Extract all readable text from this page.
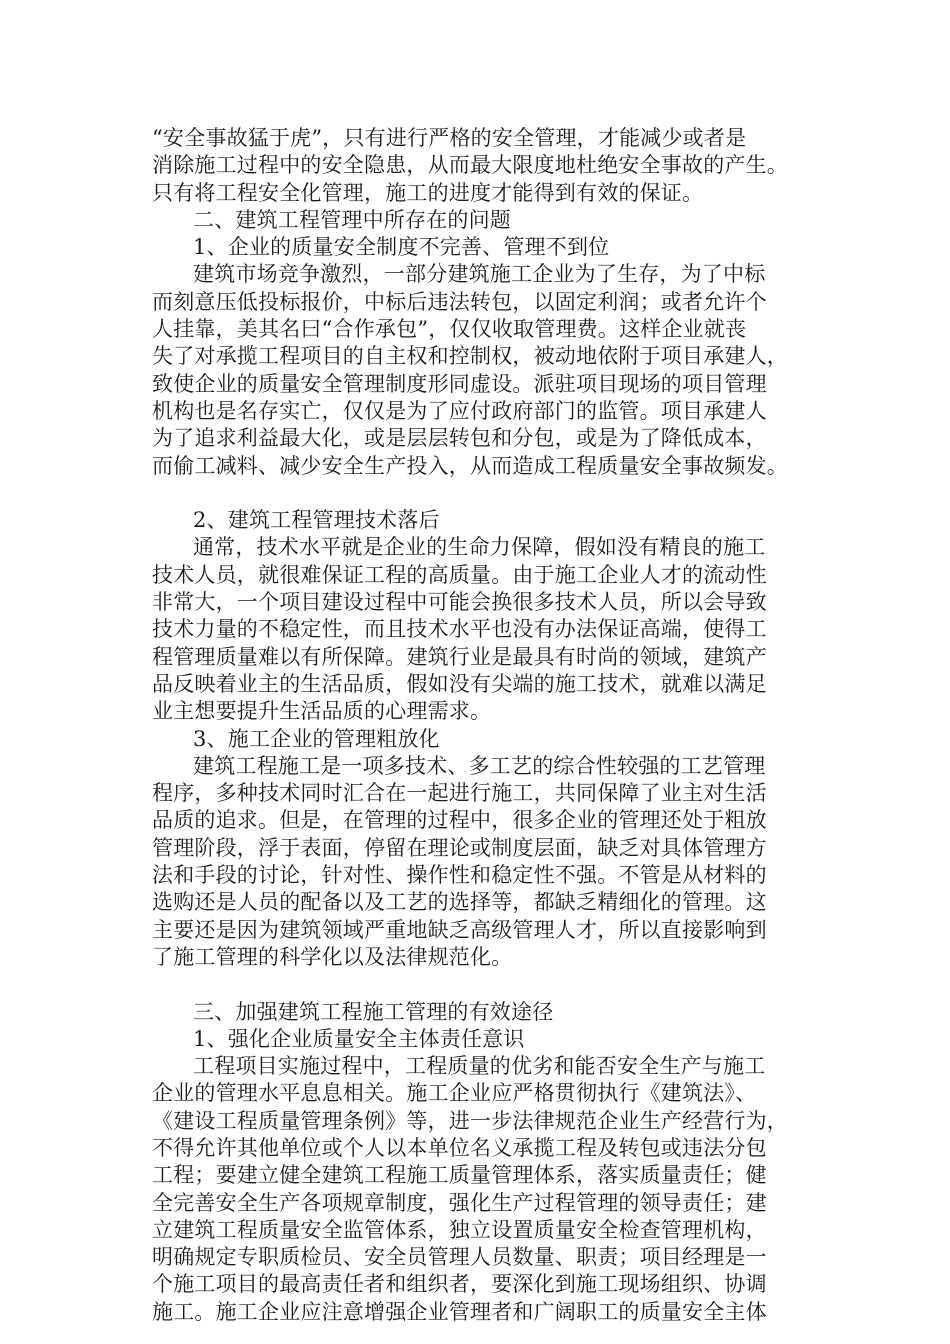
“安全事故猛于虎”，只有进行严格的安全管理，才能减少或者是
消除施工过程中的安全隐患，从而最大限度地杜绝安全事故的产生。
只有将工程安全化管理，施工的进度才能得到有效的保证。
二、建筑工程管理中所存在的问题
1、企业的质量安全制度不完善、管理不到位
建筑市场竞争激烈，一部分建筑施工企业为了生存，为了中标
而刻意压低投标报价，中标后违法转包，以固定利润；或者允许个
人挂靠，美其名曰“合作承包”，仅仅收取管理费。这样企业就丧
失了对承揽工程项目的自主权和控制权，被动地依附于项目承建人，
致使企业的质量安全管理制度形同虚设。派驻项目现场的项目管理
机构也是名存实亡，仅仅是为了应付政府部门的监管。项目承建人
为了追求利益最大化，或是层层转包和分包，或是为了降低成本，
而偷工减料、减少安全生产投入，从而造成工程质量安全事故频发。
2、建筑工程管理技术落后
通常，技术水平就是企业的生命力保障，假如没有精良的施工
技术人员，就很难保证工程的高质量。由于施工企业人才的流动性
非常大，一个项目建设过程中可能会换很多技术人员，所以会导致
技术力量的不稳定性，而且技术水平也没有办法保证高端，使得工
程管理质量难以有所保障。建筑行业是最具有时尚的领域，建筑产
品反映着业主的生活品质，假如没有尖端的施工技术，就难以满足
业主想要提升生活品质的心理需求。
3、施工企业的管理粗放化
建筑工程施工是一项多技术、多工艺的综合性较强的工艺管理
程序，多种技术同时汇合在一起进行施工，共同保障了业主对生活
品质的追求。但是，在管理的过程中，很多企业的管理还处于粗放
管理阶段，浮于表面，停留在理论或制度层面，缺乏对具体管理方
法和手段的讨论，针对性、操作性和稳定性不强。不管是从材料的
选购还是人员的配备以及工艺的选择等，都缺乏精细化的管理。这
主要还是因为建筑领域严重地缺乏高级管理人才，所以直接影响到
了施工管理的科学化以及法律规范化。
三、加强建筑工程施工管理的有效途径
1、强化企业质量安全主体责任意识
工程项目实施过程中，工程质量的优劣和能否安全生产与施工
企业的管理水平息息相关。施工企业应严格贯彻执行《建筑法》、
《建设工程质量管理条例》等，进一步法律规范企业生产经营行为，
不得允许其他单位或个人以本单位名义承揽工程及转包或违法分包
工程；要建立健全建筑工程施工质量管理体系，落实质量责任；健
全完善安全生产各项规章制度，强化生产过程管理的领导责任；建
立建筑工程质量安全监管体系，独立设置质量安全检查管理机构，
明确规定专职质检员、安全员管理人员数量、职责；项目经理是一
个施工项目的最高责任者和组织者，要深化到施工现场组织、协调
施工。施工企业应注意增强企业管理者和广阔职工的质量安全主体
